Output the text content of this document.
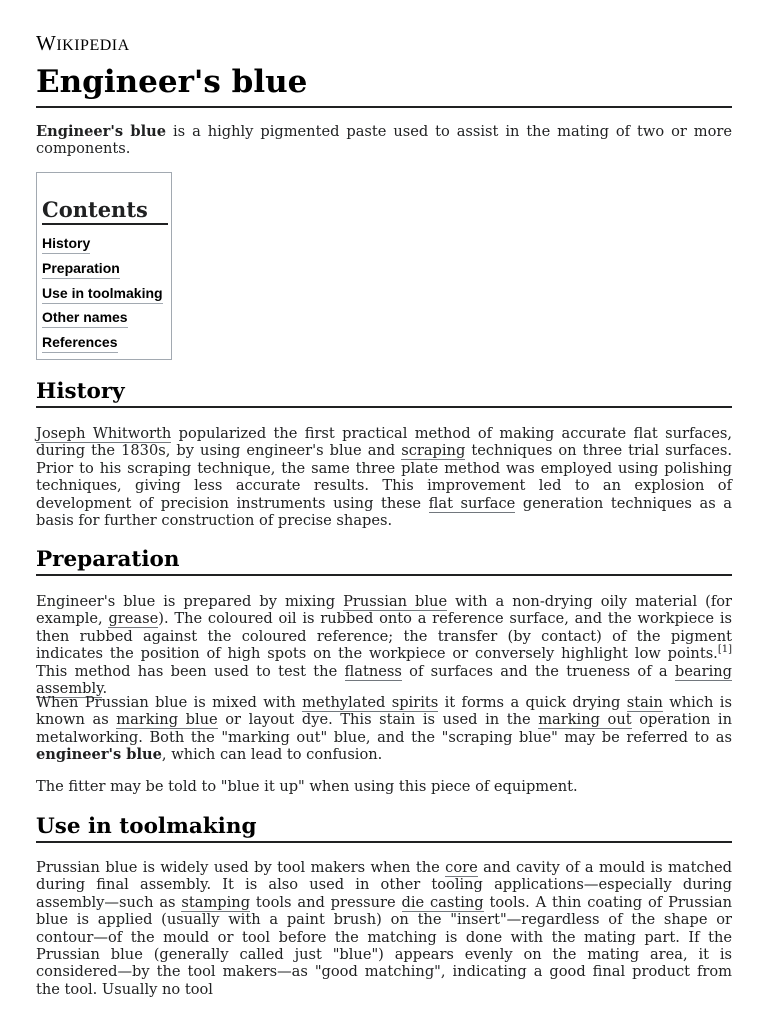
WIKIPEDIA
Engineer's blue

Engineer's blue is a highly pigmented paste used to assist in the mating of two or more components.

Contents
History
Preparation
Use in toolmaking
Other names
References
History

Joseph Whitworth popularized the first practical method of making accurate flat surfaces, during the 1830s, by using engineer's blue and scraping techniques on three trial surfaces. Prior to his scraping technique, the same three plate method was employed using polishing techniques, giving less accurate results. This improvement led to an explosion of development of precision instruments using these flat surface generation techniques as a basis for further construction of precise shapes.

Preparation

Engineer's blue is prepared by mixing Prussian blue with a non-drying oily material (for example, grease). The coloured oil is rubbed onto a reference surface, and the workpiece is then rubbed against the coloured reference; the transfer (by contact) of the pigment indicates the position of high spots on the workpiece or conversely highlight low points.[1] This method has been used to test the flatness of surfaces and the trueness of a bearing assembly.

When Prussian blue is mixed with methylated spirits it forms a quick drying stain which is known as marking blue or layout dye. This stain is used in the marking out operation in metalworking. Both the "marking out" blue, and the "scraping blue" may be referred to as engineer's blue, which can lead to confusion.

The fitter may be told to "blue it up" when using this piece of equipment.

Use in toolmaking

Prussian blue is widely used by tool makers when the core and cavity of a mould is matched during final assembly. It is also used in other tooling applications—especially during assembly—such as stamping tools and pressure die casting tools. A thin coating of Prussian blue is applied (usually with a paint brush) on the "insert"—regardless of the shape or contour—of the mould or tool before the matching is done with the mating part. If the Prussian blue (generally called just "blue") appears evenly on the mating area, it is considered—by the tool makers—as "good matching", indicating a good final product from the tool. Usually no tool
